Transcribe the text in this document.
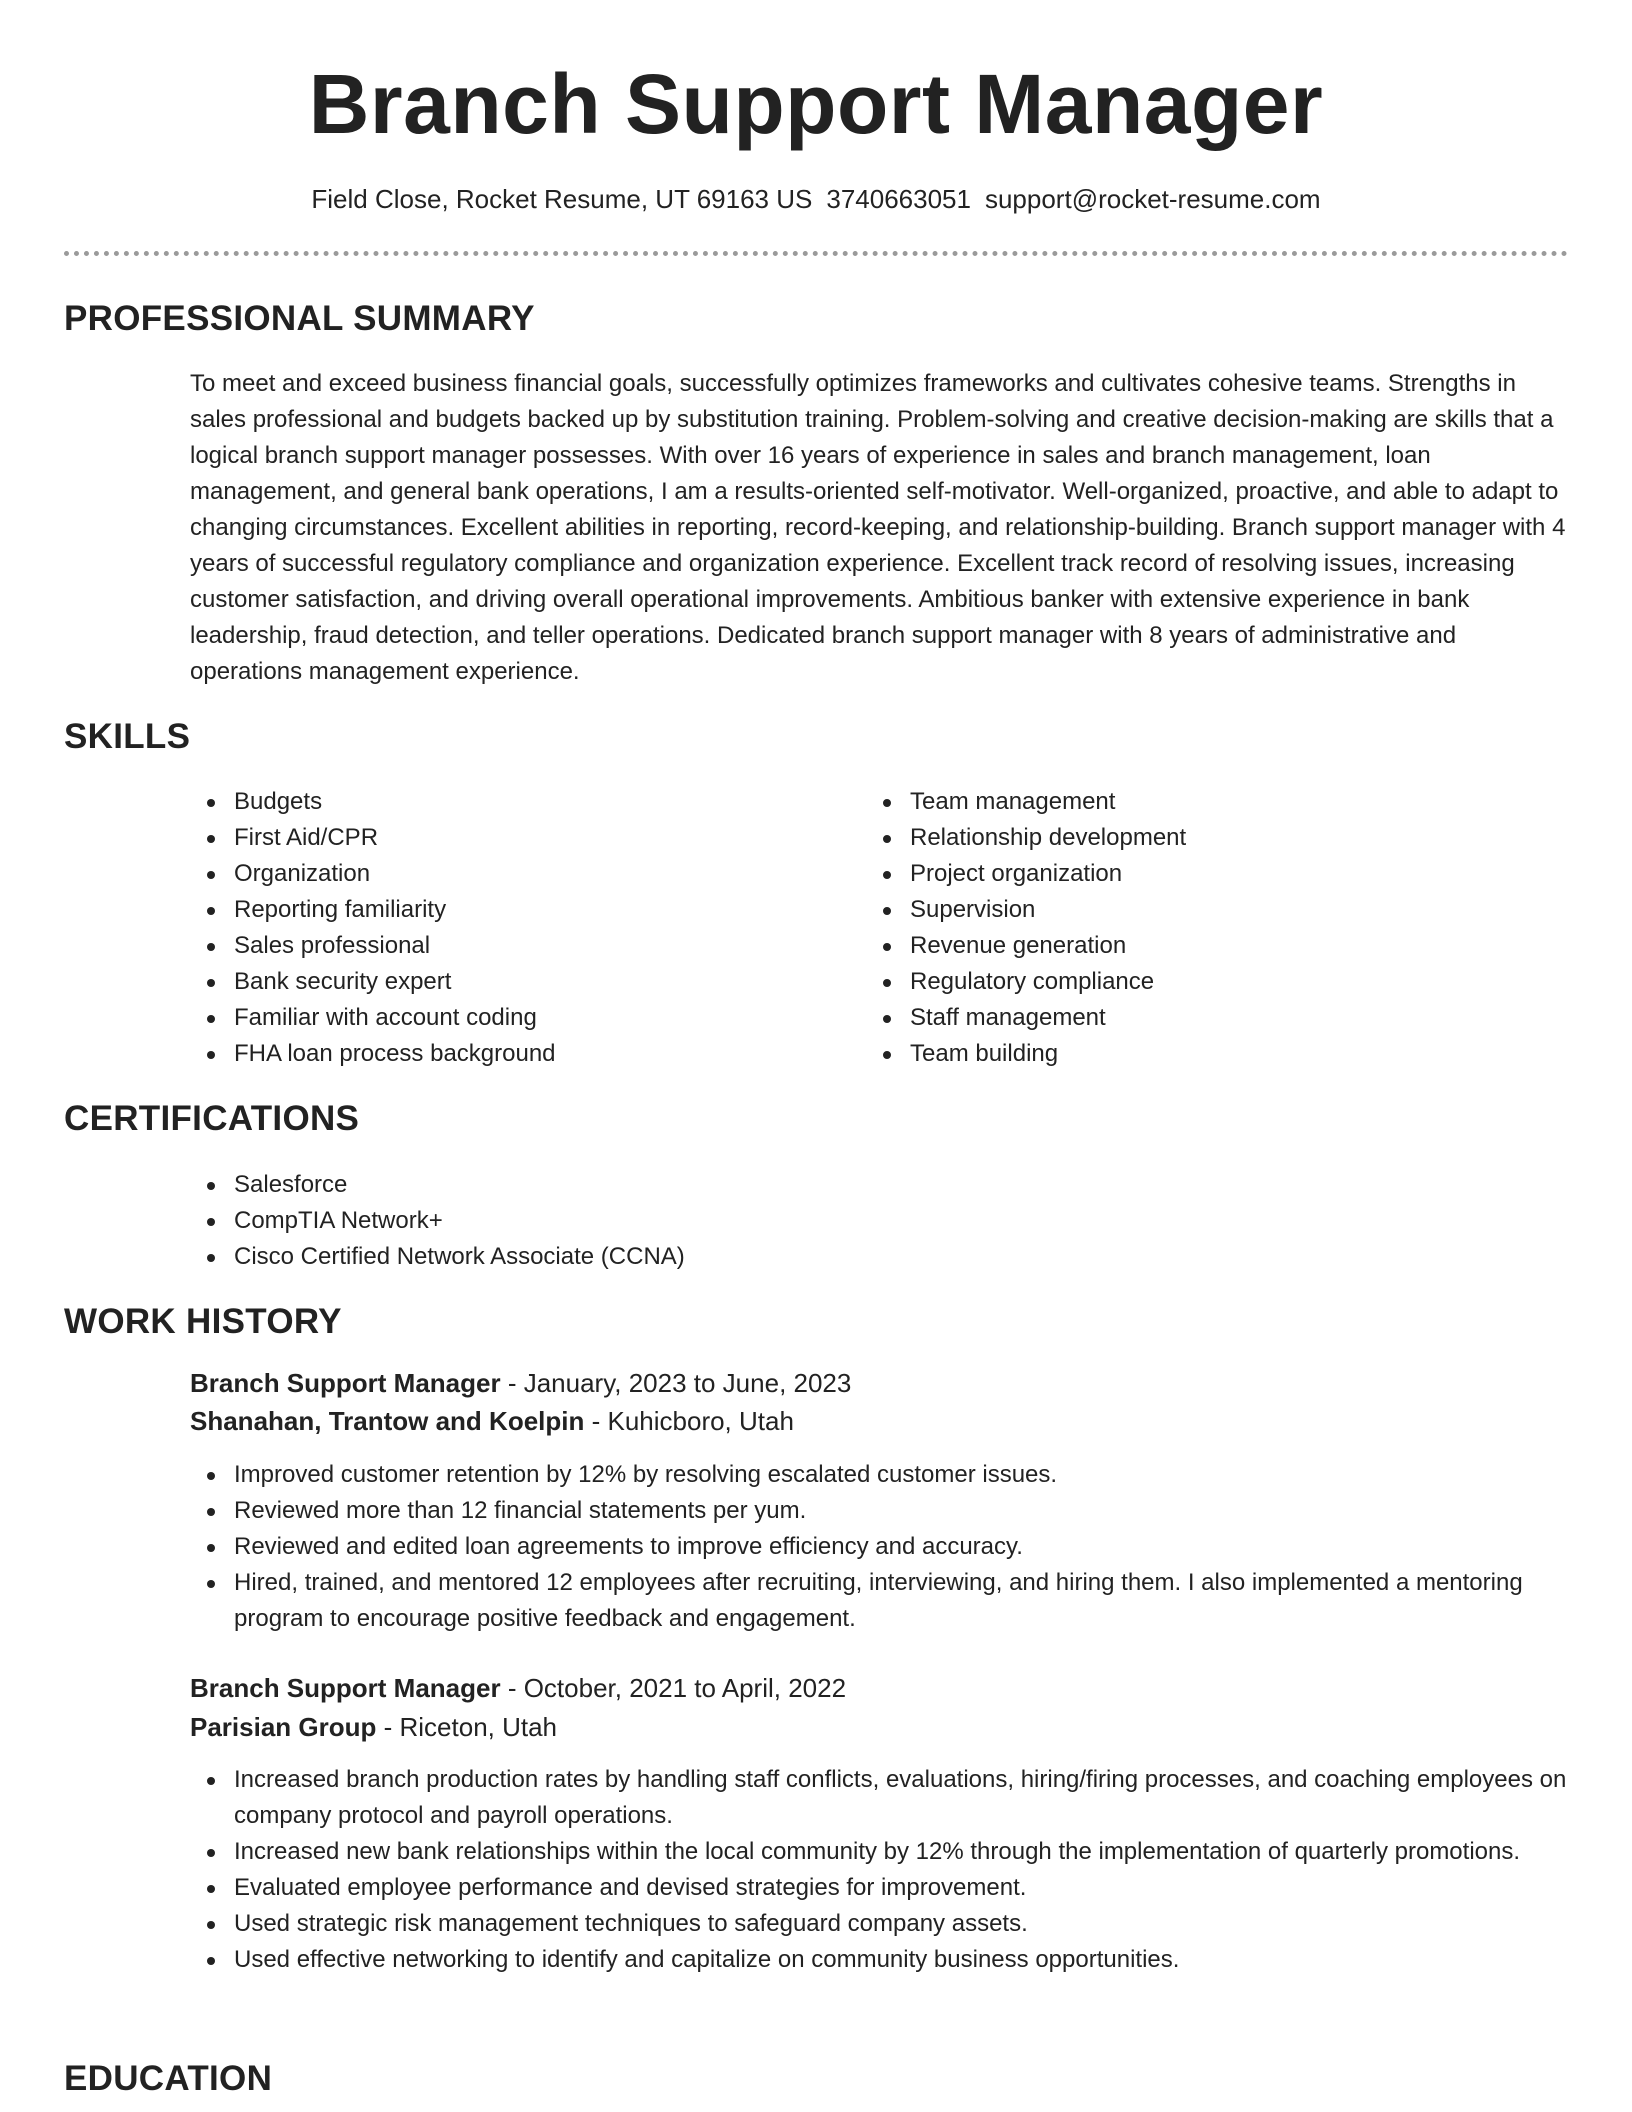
Branch Support Manager
Field Close, Rocket Resume, UT 69163 US 3740663051 support@rocket-resume.com
PROFESSIONAL SUMMARY

To meet and exceed business financial goals, successfully optimizes frameworks and cultivates cohesive teams. Strengths in sales professional and budgets backed up by substitution training. Problem-solving and creative decision-making are skills that a logical branch support manager possesses. With over 16 years of experience in sales and branch management, loan management, and general bank operations, I am a results-oriented self-motivator. Well-organized, proactive, and able to adapt to changing circumstances. Excellent abilities in reporting, record-keeping, and relationship-building. Branch support manager with 4 years of successful regulatory compliance and organization experience. Excellent track record of resolving issues, increasing customer satisfaction, and driving overall operational improvements. Ambitious banker with extensive experience in bank leadership, fraud detection, and teller operations. Dedicated branch support manager with 8 years of administrative and operations management experience.

SKILLS
Budgets
First Aid/CPR
Organization
Reporting familiarity
Sales professional
Bank security expert
Familiar with account coding
FHA loan process background
Team management
Relationship development
Project organization
Supervision
Revenue generation
Regulatory compliance
Staff management
Team building
CERTIFICATIONS
Salesforce
CompTIA Network+
Cisco Certified Network Associate (CCNA)
WORK HISTORY
Branch Support Manager - January, 2023 to June, 2023
Shanahan, Trantow and Koelpin - Kuhicboro, Utah
Improved customer retention by 12% by resolving escalated customer issues.
Reviewed more than 12 financial statements per yum.
Reviewed and edited loan agreements to improve efficiency and accuracy.
Hired, trained, and mentored 12 employees after recruiting, interviewing, and hiring them. I also implemented a mentoring program to encourage positive feedback and engagement.
Branch Support Manager - October, 2021 to April, 2022
Parisian Group - Riceton, Utah
Increased branch production rates by handling staff conflicts, evaluations, hiring/firing processes, and coaching employees on company protocol and payroll operations.
Increased new bank relationships within the local community by 12% through the implementation of quarterly promotions.
Evaluated employee performance and devised strategies for improvement.
Used strategic risk management techniques to safeguard company assets.
Used effective networking to identify and capitalize on community business opportunities.
EDUCATION
